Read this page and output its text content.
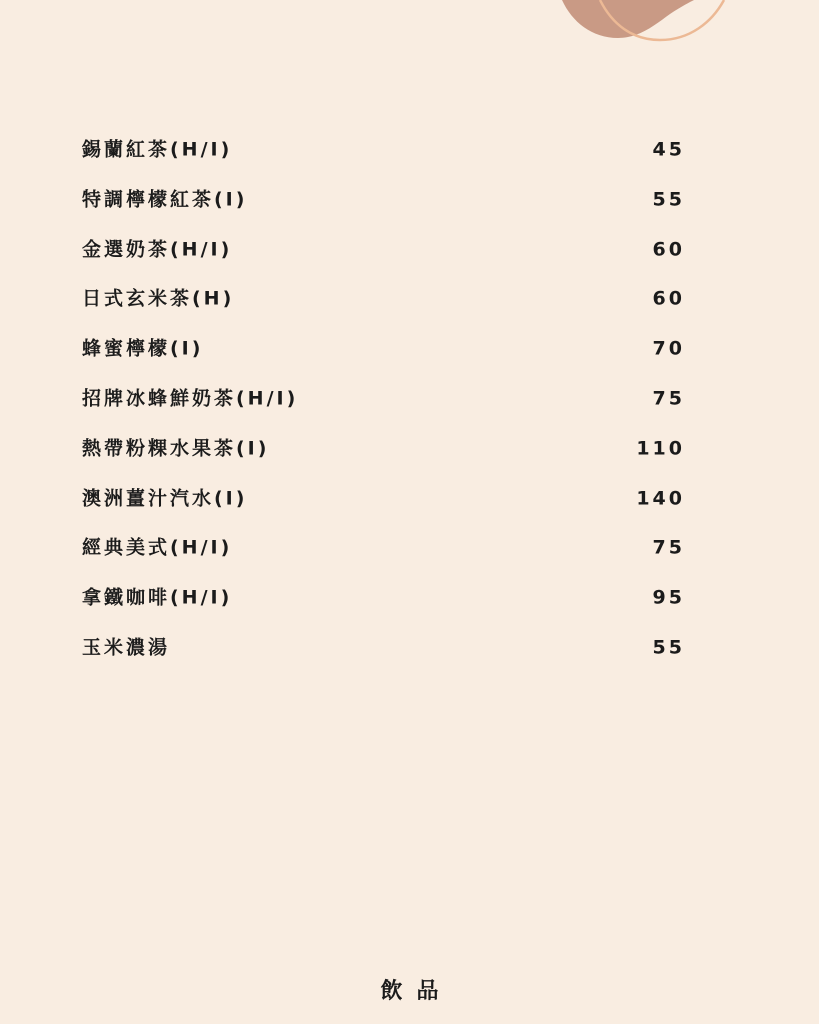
錫蘭紅茶(H/I)	45
特調檸檬紅茶(I)	55
金選奶茶(H/I)	60
日式玄米茶(H)	60
蜂蜜檸檬(I)	70
招牌冰蜂鮮奶茶(H/I)	75
熱帶粉粿水果茶(I)	110
澳洲薑汁汽水(I)	140
經典美式(H/I)	75
拿鐵咖啡(H/I)	95
玉米濃湯	55
飲品
